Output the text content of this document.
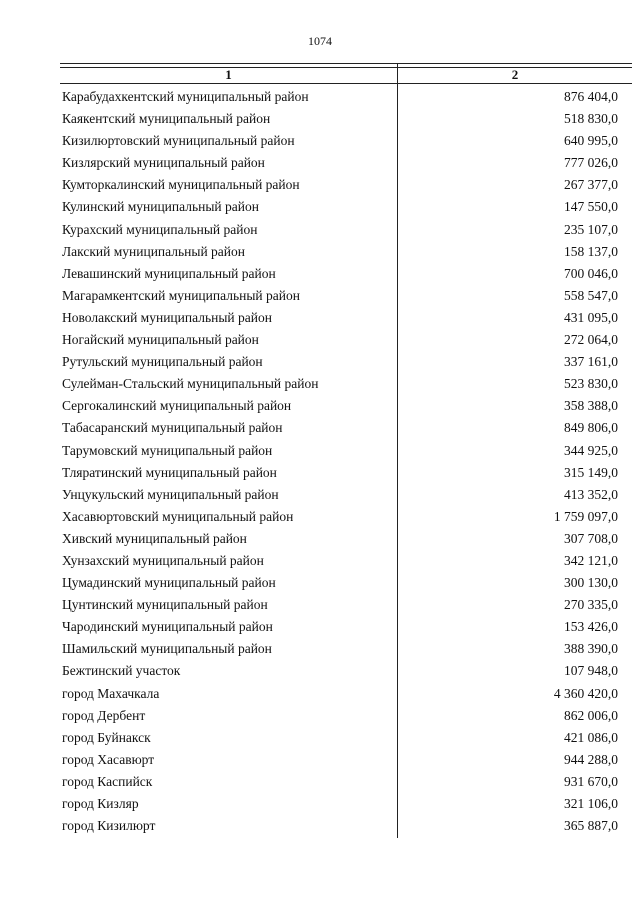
1074
1	2
Карабудахкентский муниципальный район	876 404,0
Каякентский муниципальный район	518 830,0
Кизилюртовский муниципальный район	640 995,0
Кизлярский муниципальный район	777 026,0
Кумторкалинский муниципальный район	267 377,0
Кулинский муниципальный район	147 550,0
Курахский муниципальный район	235 107,0
Лакский муниципальный район	158 137,0
Левашинский муниципальный район	700 046,0
Магарамкентский муниципальный район	558 547,0
Новолакский муниципальный район	431 095,0
Ногайский муниципальный район	272 064,0
Рутульский муниципальный район	337 161,0
Сулейман-Стальский муниципальный район	523 830,0
Сергокалинский муниципальный район	358 388,0
Табасаранский муниципальный район	849 806,0
Тарумовский муниципальный район	344 925,0
Тляратинский муниципальный район	315 149,0
Унцукульский муниципальный район	413 352,0
Хасавюртовский муниципальный район	1 759 097,0
Хивский муниципальный район	307 708,0
Хунзахский муниципальный район	342 121,0
Цумадинский муниципальный район	300 130,0
Цунтинский муниципальный район	270 335,0
Чародинский муниципальный район	153 426,0
Шамильский муниципальный район	388 390,0
Бежтинский участок	107 948,0
город Махачкала	4 360 420,0
город Дербент	862 006,0
город Буйнакск	421 086,0
город Хасавюрт	944 288,0
город Каспийск	931 670,0
город Кизляр	321 106,0
город Кизилюрт	365 887,0
